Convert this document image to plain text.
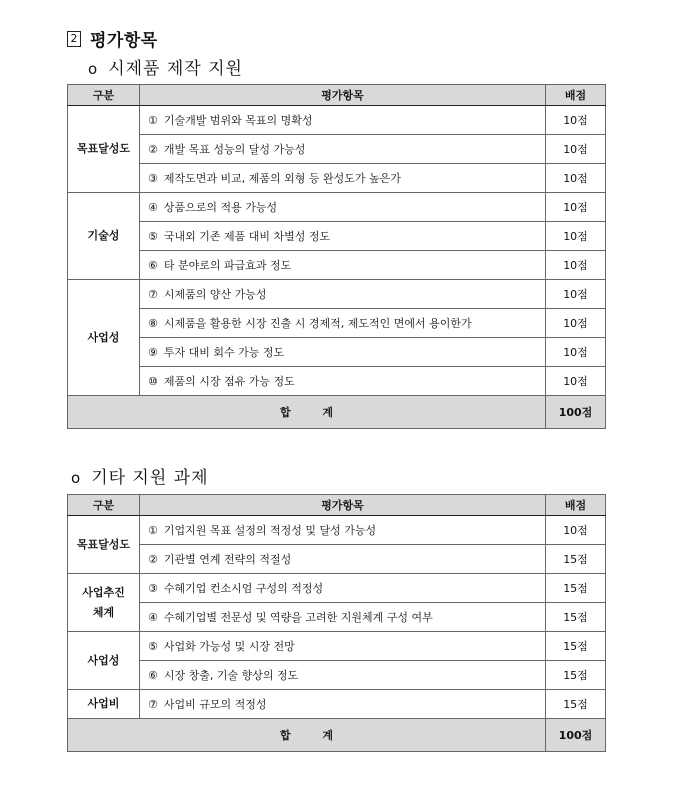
2 평가항목
o 시제품 제작 지원
구분	평가항목	배점
목표달성도	① 기술개발 범위와 목표의 명확성	10점
	② 개발 목표 성능의 달성 가능성	10점
	③ 제작도면과 비교, 제품의 외형 등 완성도가 높은가	10점
기술성	④ 상품으로의 적용 가능성	10점
	⑤ 국내외 기존 제품 대비 차별성 정도	10점
	⑥ 타 분야로의 파급효과 정도	10점
사업성	⑦ 시제품의 양산 가능성	10점
	⑧ 시제품을 활용한 시장 진출 시 경제적, 제도적인 면에서 용이한가	10점
	⑨ 투자 대비 회수 가능 정도	10점
	⑩ 제품의 시장 점유 가능 정도	10점
합 계		100점
o 기타 지원 과제
구분	평가항목	배점
목표달성도	① 기업지원 목표 설정의 적정성 및 달성 가능성	10점
	② 기관별 연계 전략의 적절성	15점
사업추진
체계	③ 수혜기업 컨소시엄 구성의 적정성	15점
	④ 수혜기업별 전문성 및 역량을 고려한 지원체계 구성 여부	15점
사업성	⑤ 사업화 가능성 및 시장 전망	15점
	⑥ 시장 창출, 기술 향상의 정도	15점
사업비	⑦ 사업비 규모의 적정성	15점
합 계		100점
